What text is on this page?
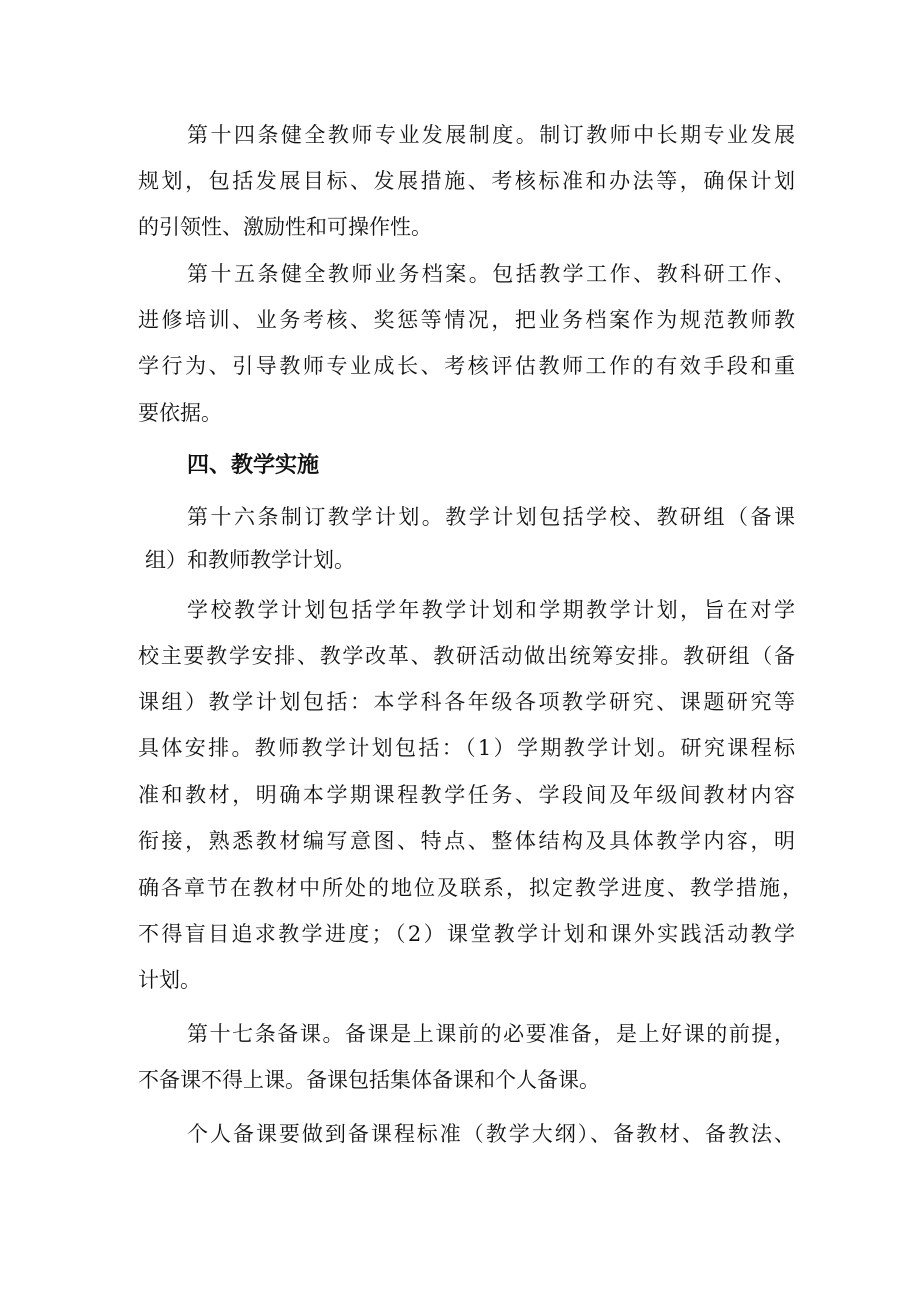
第十四条健全教师专业发展制度。制订教师中长期专业发展
规划，包括发展目标、发展措施、考核标准和办法等，确保计划
的引领性、激励性和可操作性。
第十五条健全教师业务档案。包括教学工作、教科研工作、
进修培训、业务考核、奖惩等情况，把业务档案作为规范教师教
学行为、引导教师专业成长、考核评估教师工作的有效手段和重
要依据。
四、教学实施
第十六条制订教学计划。教学计划包括学校、教研组（备课
组）和教师教学计划。
学校教学计划包括学年教学计划和学期教学计划，旨在对学
校主要教学安排、教学改革、教研活动做出统筹安排。教研组（备
课组）教学计划包括：本学科各年级各项教学研究、课题研究等
具体安排。教师教学计划包括：（1）学期教学计划。研究课程标
准和教材，明确本学期课程教学任务、学段间及年级间教材内容
衔接，熟悉教材编写意图、特点、整体结构及具体教学内容，明
确各章节在教材中所处的地位及联系，拟定教学进度、教学措施，
不得盲目追求教学进度；（2）课堂教学计划和课外实践活动教学
计划。
第十七条备课。备课是上课前的必要准备，是上好课的前提，
不备课不得上课。备课包括集体备课和个人备课。
个人备课要做到备课程标准（教学大纲）、备教材、备教法、
